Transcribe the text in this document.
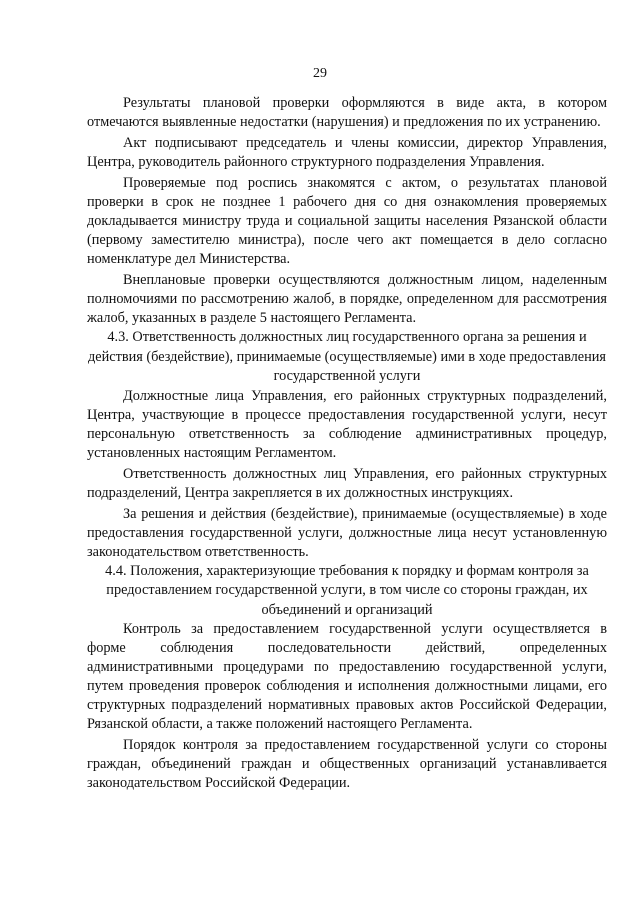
29

Результаты плановой проверки оформляются в виде акта, в котором отмечаются выявленные недостатки (нарушения) и предложения по их устранению.

Акт подписывают председатель и члены комиссии, директор Управления, Центра, руководитель районного структурного подразделения Управления.

Проверяемые под роспись знакомятся с актом, о результатах плановой проверки в срок не позднее 1 рабочего дня со дня ознакомления проверяемых докладывается министру труда и социальной защиты населения Рязанской области (первому заместителю министра), после чего акт помещается в дело согласно номенклатуре дел Министерства.

Внеплановые проверки осуществляются должностным лицом, наделенным полномочиями по рассмотрению жалоб, в порядке, определенном для рассмотрения жалоб, указанных в разделе 5 настоящего Регламента.

4.3. Ответственность должностных лиц государственного органа за решения и действия (бездействие), принимаемые (осуществляемые) ими в ходе предоставления государственной услуги

Должностные лица Управления, его районных структурных подразделений, Центра, участвующие в процессе предоставления государственной услуги, несут персональную ответственность за соблюдение административных процедур, установленных настоящим Регламентом.

Ответственность должностных лиц Управления, его районных структурных подразделений, Центра закрепляется в их должностных инструкциях.

За решения и действия (бездействие), принимаемые (осуществляемые) в ходе предоставления государственной услуги, должностные лица несут установленную законодательством ответственность.

4.4. Положения, характеризующие требования к порядку и формам контроля за предоставлением государственной услуги, в том числе со стороны граждан, их объединений и организаций

Контроль за предоставлением государственной услуги осуществляется в форме соблюдения последовательности действий, определенных административными процедурами по предоставлению государственной услуги, путем проведения проверок соблюдения и исполнения должностными лицами, его структурных подразделений нормативных правовых актов Российской Федерации, Рязанской области, а также положений настоящего Регламента.

Порядок контроля за предоставлением государственной услуги со стороны граждан, объединений граждан и общественных организаций устанавливается законодательством Российской Федерации.
